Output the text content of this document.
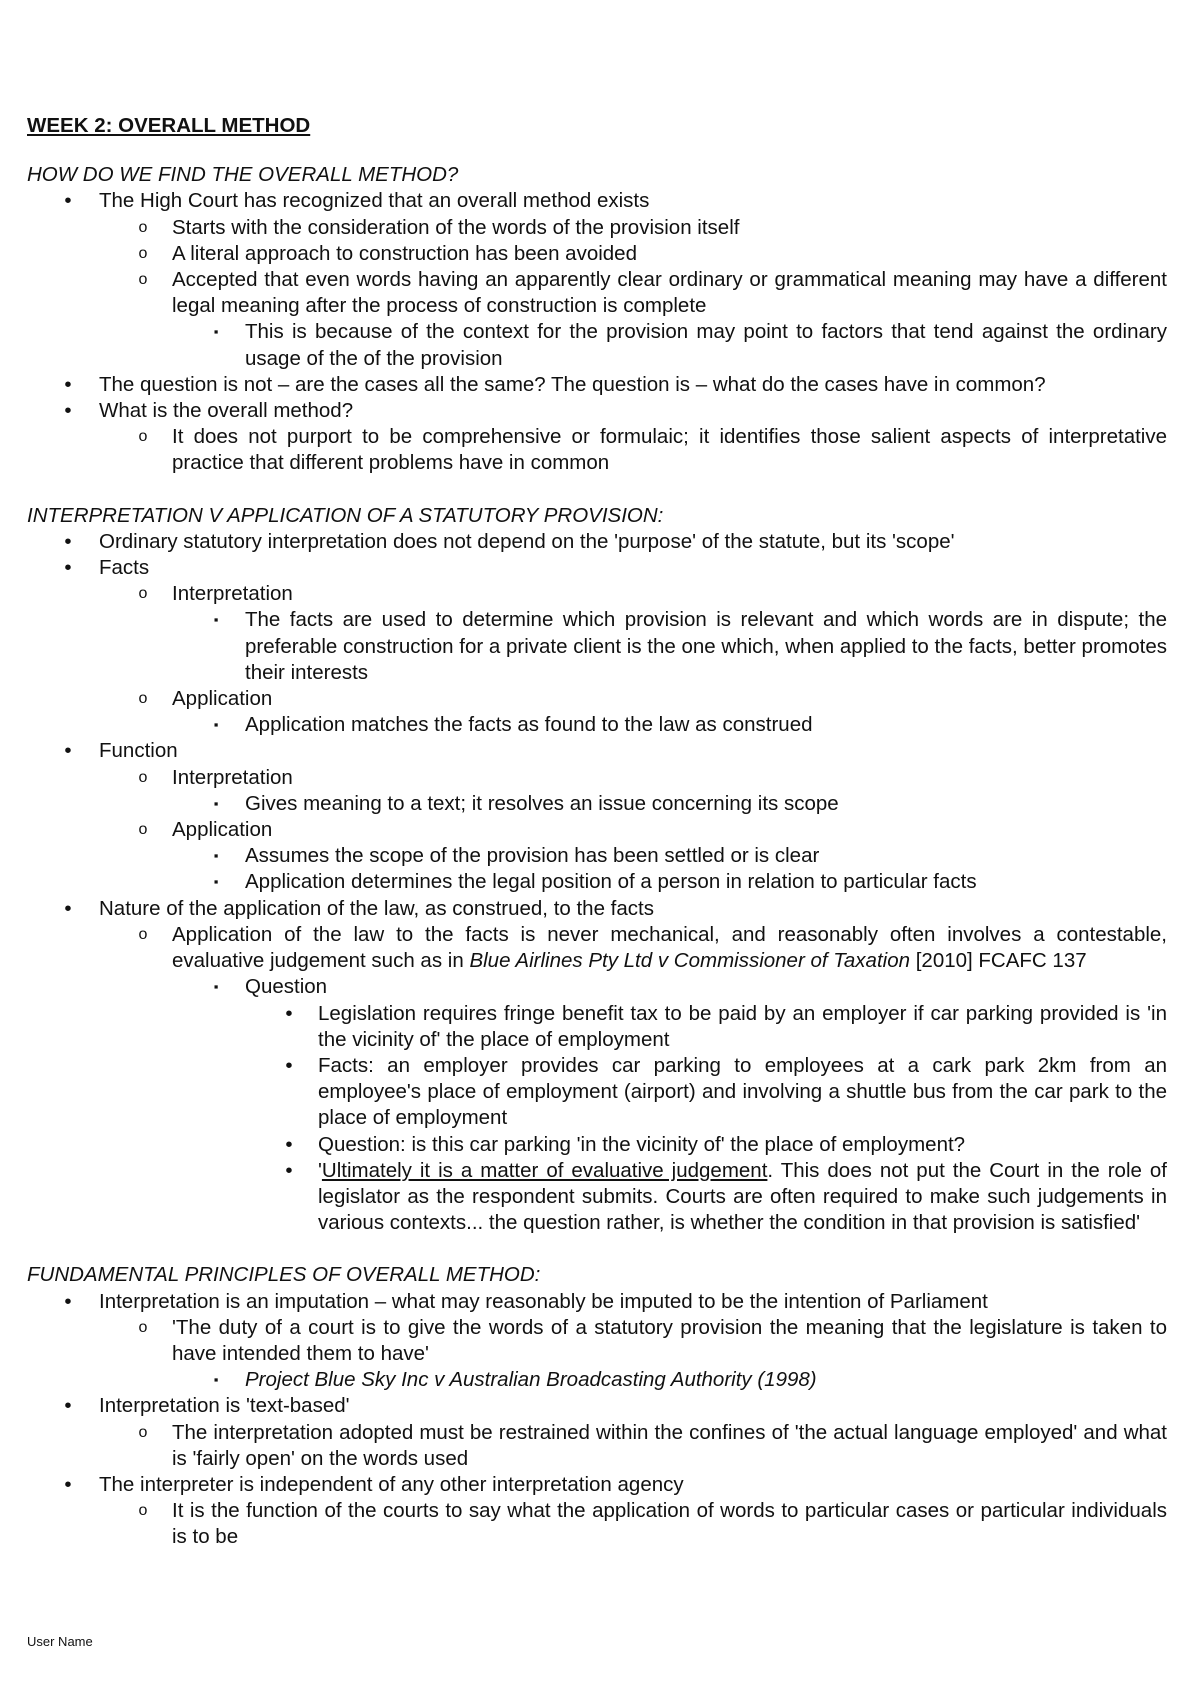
WEEK 2: OVERALL METHOD
HOW DO WE FIND THE OVERALL METHOD?
• The High Court has recognized that an overall method exists
o Starts with the consideration of the words of the provision itself
o A literal approach to construction has been avoided
o Accepted that even words having an apparently clear ordinary or grammatical meaning may have a different legal meaning after the process of construction is complete
▪ This is because of the context for the provision may point to factors that tend against the ordinary usage of the of the provision
• The question is not – are the cases all the same? The question is – what do the cases have in common?
• What is the overall method?
o It does not purport to be comprehensive or formulaic; it identifies those salient aspects of interpretative practice that different problems have in common
INTERPRETATION V APPLICATION OF A STATUTORY PROVISION:
• Ordinary statutory interpretation does not depend on the 'purpose' of the statute, but its 'scope'
• Facts
o Interpretation
▪ The facts are used to determine which provision is relevant and which words are in dispute; the preferable construction for a private client is the one which, when applied to the facts, better promotes their interests
o Application
▪ Application matches the facts as found to the law as construed
• Function
o Interpretation
▪ Gives meaning to a text; it resolves an issue concerning its scope
o Application
▪ Assumes the scope of the provision has been settled or is clear
▪ Application determines the legal position of a person in relation to particular facts
• Nature of the application of the law, as construed, to the facts
o Application of the law to the facts is never mechanical, and reasonably often involves a contestable, evaluative judgement such as in Blue Airlines Pty Ltd v Commissioner of Taxation [2010] FCAFC 137
▪ Question
• Legislation requires fringe benefit tax to be paid by an employer if car parking provided is 'in the vicinity of' the place of employment
• Facts: an employer provides car parking to employees at a cark park 2km from an employee's place of employment (airport) and involving a shuttle bus from the car park to the place of employment
• Question: is this car parking 'in the vicinity of' the place of employment?
• 'Ultimately it is a matter of evaluative judgement. This does not put the Court in the role of legislator as the respondent submits. Courts are often required to make such judgements in various contexts... the question rather, is whether the condition in that provision is satisfied'
FUNDAMENTAL PRINCIPLES OF OVERALL METHOD:
• Interpretation is an imputation – what may reasonably be imputed to be the intention of Parliament
o 'The duty of a court is to give the words of a statutory provision the meaning that the legislature is taken to have intended them to have'
▪ Project Blue Sky Inc v Australian Broadcasting Authority (1998)
• Interpretation is 'text-based'
o The interpretation adopted must be restrained within the confines of 'the actual language employed' and what is 'fairly open' on the words used
• The interpreter is independent of any other interpretation agency
o It is the function of the courts to say what the application of words to particular cases or particular individuals is to be
User Name
